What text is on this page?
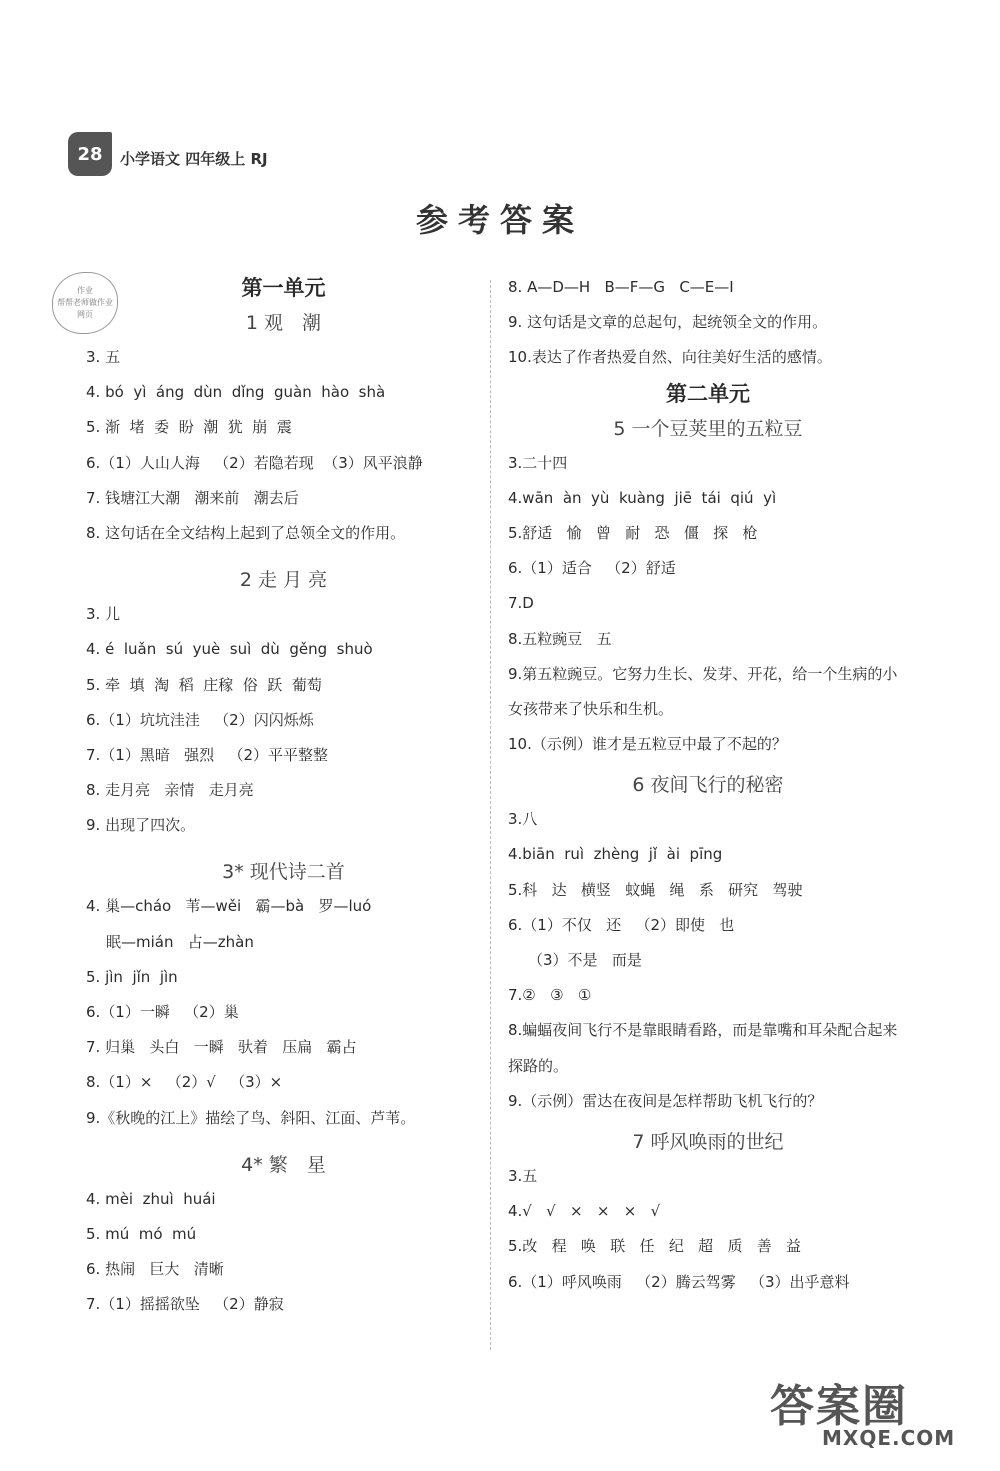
28	小学语文 四年级上 RJ
参考答案
作业
帮帮老师做作业
网页
第一单元
1 观　潮
3. 五
4. bó  yì  áng  dùn  dǐng  guàn  hào  shà
5. 渐  堵  委  盼  潮  犹  崩  震
6.（1）人山人海   （2）若隐若现  （3）风平浪静
7. 钱塘江大潮   潮来前   潮去后
8. 这句话在全文结构上起到了总领全文的作用。
2 走 月 亮
3. 儿
4. é  luǎn  sú  yuè  suì  dù  gěng  shuò
5. 牵  填  淘  稻  庄稼  俗  跃  葡萄
6.（1）坑坑洼洼   （2）闪闪烁烁
7.（1）黑暗   强烈   （2）平平整整
8. 走月亮   亲情   走月亮
9. 出现了四次。
3* 现代诗二首
4. 巢—cháo   苇—wěi   霸—bà   罗—luó
眠—mián   占—zhàn
5. jìn  jǐn  jìn
6.（1）一瞬   （2）巢
7. 归巢   头白   一瞬   驮着   压扁   霸占
8.（1）×   （2）√   （3）×
9.《秋晚的江上》描绘了鸟、斜阳、江面、芦苇。
4* 繁　星
4. mèi  zhuì  huái
5. mú  mó  mú
6. 热闹   巨大   清晰
7.（1）摇摇欲坠   （2）静寂
8. A—D—H   B—F—G   C—E—I
9. 这句话是文章的总起句，起统领全文的作用。
10.表达了作者热爱自然、向往美好生活的感情。
第二单元
5 一个豆荚里的五粒豆
3.二十四
4.wān  àn  yù  kuàng  jiē  tái  qiú  yì
5.舒适   愉   曾   耐   恐   僵   探   枪
6.（1）适合   （2）舒适
7.D
8.五粒豌豆   五
9.第五粒豌豆。它努力生长、发芽、开花，给一个生病的小女孩带来了快乐和生机。
10.（示例）谁才是五粒豆中最了不起的？
6 夜间飞行的秘密
3.八
4.biān  ruì  zhèng  jǐ  ài  pīng
5.科   达   横竖   蚊蝇   绳   系   研究   驾驶
6.（1）不仅   还   （2）即使   也
（3）不是   而是
7.②   ③   ①
8.蝙蝠夜间飞行不是靠眼睛看路，而是靠嘴和耳朵配合起来探路的。
9.（示例）雷达在夜间是怎样帮助飞机飞行的？
7 呼风唤雨的世纪
3.五
4.√   √   ×   ×   ×   √
5.改   程   唤   联   任   纪   超   质   善   益
6.（1）呼风唤雨   （2）腾云驾雾   （3）出乎意料
答案圈
MXQE.COM
